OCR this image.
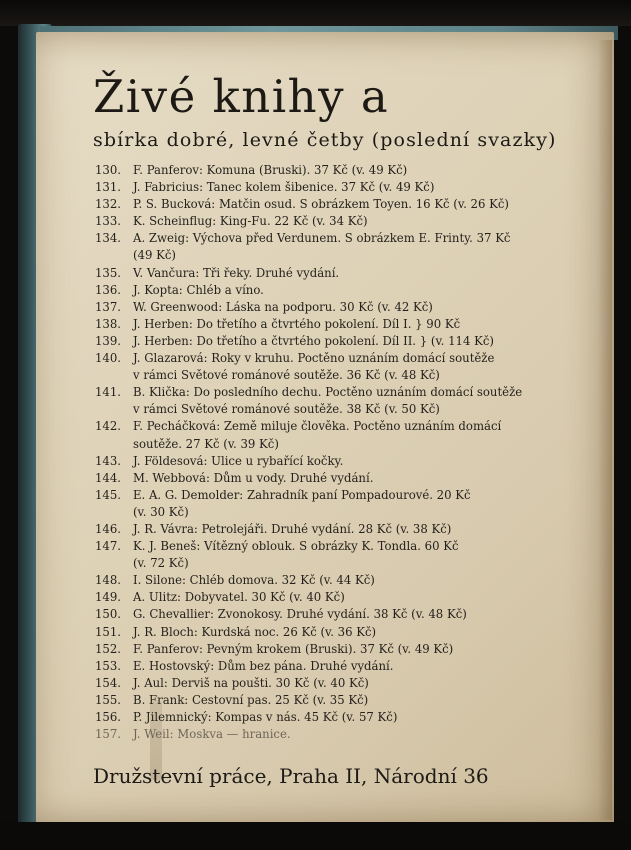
Živé knihy a
sbírka dobré, levné četby (poslední svazky)
130.	F. Panferov: Komuna (Bruski). 37 Kč (v. 49 Kč)
131.	J. Fabricius: Tanec kolem šibenice. 37 Kč (v. 49 Kč)
132.	P. S. Bucková: Matčin osud. S obrázkem Toyen. 16 Kč (v. 26 Kč)
133.	K. Scheinflug: King-Fu. 22 Kč (v. 34 Kč)
134.	A. Zweig: Výchova před Verdunem. S obrázkem E. Frinty. 37 Kč
(49 Kč)
135.	V. Vančura: Tři řeky. Druhé vydání.
136.	J. Kopta: Chléb a víno.
137.	W. Greenwood: Láska na podporu. 30 Kč (v. 42 Kč)
138.	J. Herben: Do třetího a čtvrtého pokolení. Díl I. } 90 Kč
139.	J. Herben: Do třetího a čtvrtého pokolení. Díl II. } (v. 114 Kč)
140.	J. Glazarová: Roky v kruhu. Poctěno uznáním domácí soutěže
v rámci Světové románové soutěže. 36 Kč (v. 48 Kč)
141.	B. Klička: Do posledního dechu. Poctěno uznáním domácí soutěže
v rámci Světové románové soutěže. 38 Kč (v. 50 Kč)
142.	F. Pecháčková: Země miluje člověka. Poctěno uznáním domácí
soutěže. 27 Kč (v. 39 Kč)
143.	J. Földesová: Ulice u rybařící kočky.
144.	M. Webbová: Dům u vody. Druhé vydání.
145.	E. A. G. Demolder: Zahradník paní Pompadourové. 20 Kč
(v. 30 Kč)
146.	J. R. Vávra: Petrolejáři. Druhé vydání. 28 Kč (v. 38 Kč)
147.	K. J. Beneš: Vítězný oblouk. S obrázky K. Tondla. 60 Kč
(v. 72 Kč)
148.	I. Silone: Chléb domova. 32 Kč (v. 44 Kč)
149.	A. Ulitz: Dobyvatel. 30 Kč (v. 40 Kč)
150.	G. Chevallier: Zvonokosy. Druhé vydání. 38 Kč (v. 48 Kč)
151.	J. R. Bloch: Kurdská noc. 26 Kč (v. 36 Kč)
152.	F. Panferov: Pevným krokem (Bruski). 37 Kč (v. 49 Kč)
153.	E. Hostovský: Dům bez pána. Druhé vydání.
154.	J. Aul: Derviš na poušti. 30 Kč (v. 40 Kč)
155.	B. Frank: Cestovní pas. 25 Kč (v. 35 Kč)
156.	P. Jilemnický: Kompas v nás. 45 Kč (v. 57 Kč)
157.	J. Weil: Moskva — hranice.

Družstevní práce, Praha II, Národní 36
